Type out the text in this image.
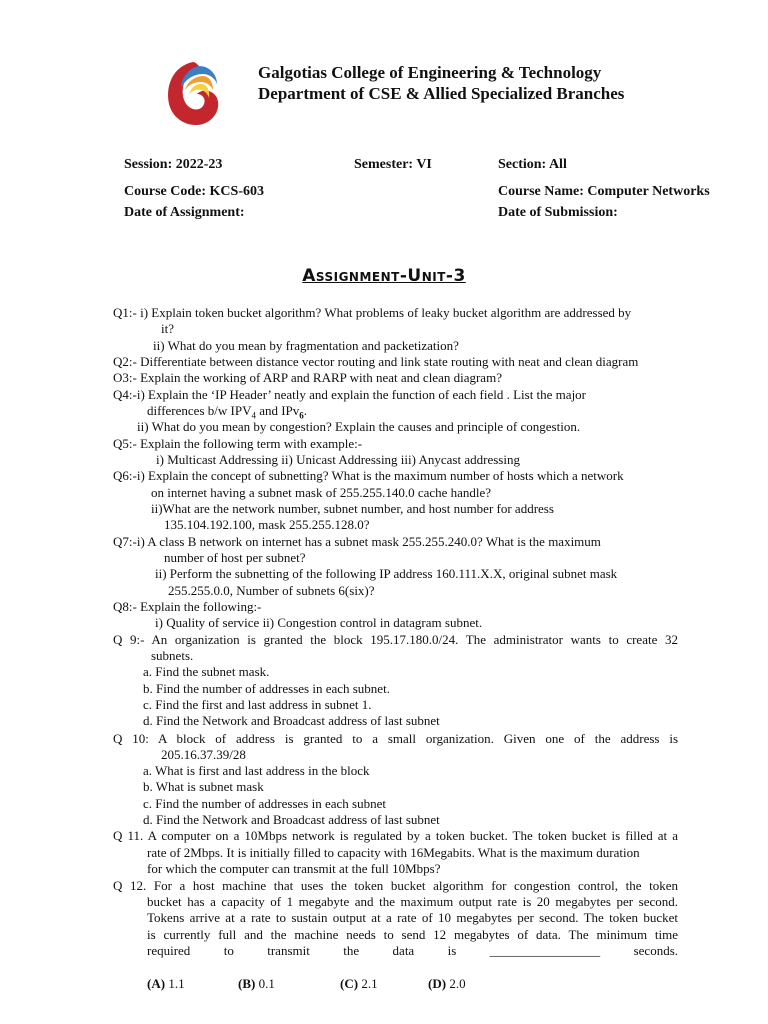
Galgotias College of Engineering & Technology
Department of CSE & Allied Specialized Branches
Session: 2022-23	Semester: VI	Section: All
Course Code: KCS-603	Course Name: Computer Networks
Date of Assignment:	Date of Submission:
Assignment-Unit-3
Q1:- i) Explain token bucket algorithm? What problems of leaky bucket algorithm are addressed by
it?
ii) What do you mean by fragmentation and packetization?
Q2:- Differentiate between distance vector routing and link state routing with neat and clean diagram
O3:- Explain the working of ARP and RARP with neat and clean diagram?
Q4:-i) Explain the ‘IP Header’ neatly and explain the function of each field . List the major
differences b/w $IPV_4$ and IPv$_6$.
ii) What do you mean by congestion? Explain the causes and principle of congestion.
Q5:- Explain the following term with example:-
i) Multicast Addressing ii) Unicast Addressing iii) Anycast addressing
Q6:-i) Explain the concept of subnetting? What is the maximum number of hosts which a network
on internet having a subnet mask of 255.255.140.0 cache handle?
ii)What are the network number, subnet number, and host number for address
135.104.192.100, mask 255.255.128.0?
Q7:-i) A class B network on internet has a subnet mask 255.255.240.0? What is the maximum
number of host per subnet?
ii) Perform the subnetting of the following IP address 160.111.X.X, original subnet mask
255.255.0.0, Number of subnets 6(six)?
Q8:- Explain the following:-
i) Quality of service ii) Congestion control in datagram subnet.
Q 9:- An organization is granted the block 195.17.180.0/24. The administrator wants to create 32
subnets.
a. Find the subnet mask.
b. Find the number of addresses in each subnet.
c. Find the first and last address in subnet 1.
d. Find the Network and Broadcast address of last subnet
Q 10: A block of address is granted to a small organization. Given one of the address is
205.16.37.39/28
a. What is first and last address in the block
b. What is subnet mask
c. Find the number of addresses in each subnet
d. Find the Network and Broadcast address of last subnet
Q 11. A computer on a 10Mbps network is regulated by a token bucket. The token bucket is filled at a
rate of 2Mbps. It is initially filled to capacity with 16Megabits. What is the maximum duration
for which the computer can transmit at the full 10Mbps?
Q 12. For a host machine that uses the token bucket algorithm for congestion control, the token
bucket has a capacity of 1 megabyte and the maximum output rate is 20 megabytes per second.
Tokens arrive at a rate to sustain output at a rate of 10 megabytes per second. The token bucket
is currently full and the machine needs to send 12 megabytes of data. The minimum time
required to transmit the data is _________________ seconds.
(A) 1.1	(B) 0.1	(C) 2.1	(D) 2.0
